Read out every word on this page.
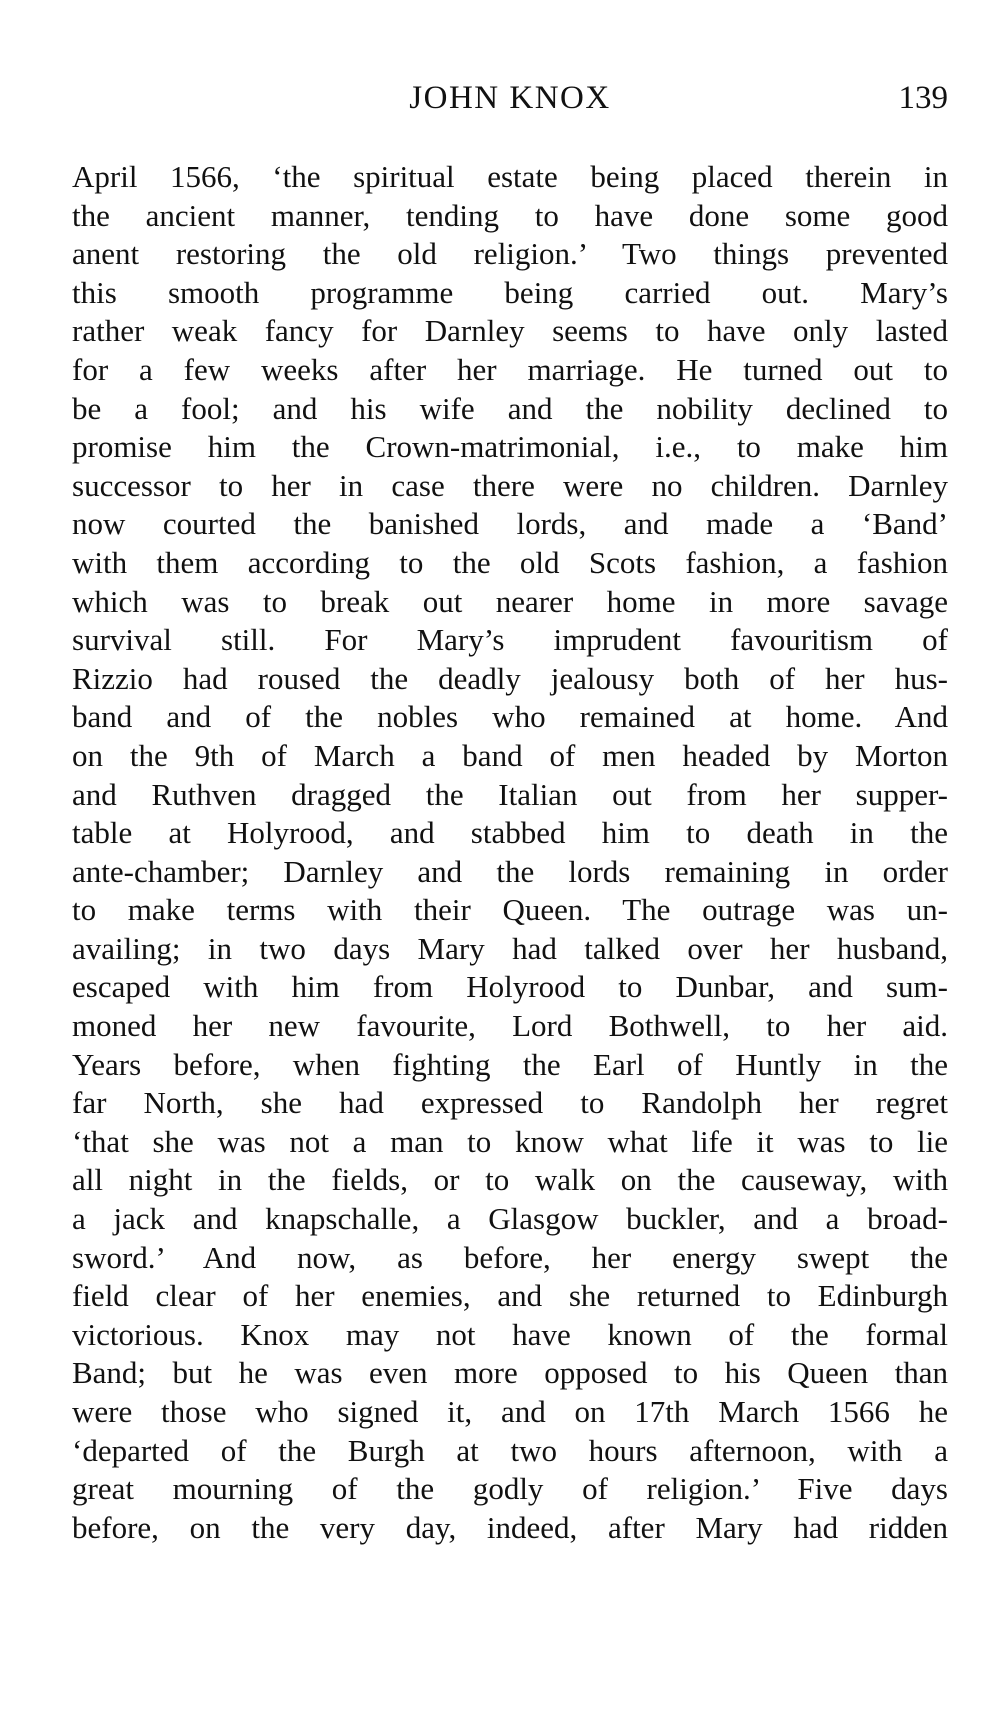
JOHN KNOX	139
April 1566, ‘the spiritual estate being placed therein in
the ancient manner, tending to have done some good
anent restoring the old religion.’ Two things prevented
this smooth programme being carried out. Mary’s
rather weak fancy for Darnley seems to have only lasted
for a few weeks after her marriage. He turned out to
be a fool; and his wife and the nobility declined to
promise him the Crown-matrimonial, i.e., to make him
successor to her in case there were no children. Darnley
now courted the banished lords, and made a ‘Band’
with them according to the old Scots fashion, a fashion
which was to break out nearer home in more savage
survival still. For Mary’s imprudent favouritism of
Rizzio had roused the deadly jealousy both of her hus-
band and of the nobles who remained at home. And
on the 9th of March a band of men headed by Morton
and Ruthven dragged the Italian out from her supper-
table at Holyrood, and stabbed him to death in the
ante-chamber; Darnley and the lords remaining in order
to make terms with their Queen. The outrage was un-
availing; in two days Mary had talked over her husband,
escaped with him from Holyrood to Dunbar, and sum-
moned her new favourite, Lord Bothwell, to her aid.
Years before, when fighting the Earl of Huntly in the
far North, she had expressed to Randolph her regret
‘that she was not a man to know what life it was to lie
all night in the fields, or to walk on the causeway, with
a jack and knapschalle, a Glasgow buckler, and a broad-
sword.’ And now, as before, her energy swept the
field clear of her enemies, and she returned to Edinburgh
victorious. Knox may not have known of the formal
Band; but he was even more opposed to his Queen than
were those who signed it, and on 17th March 1566 he
‘departed of the Burgh at two hours afternoon, with a
great mourning of the godly of religion.’ Five days
before, on the very day, indeed, after Mary had ridden
